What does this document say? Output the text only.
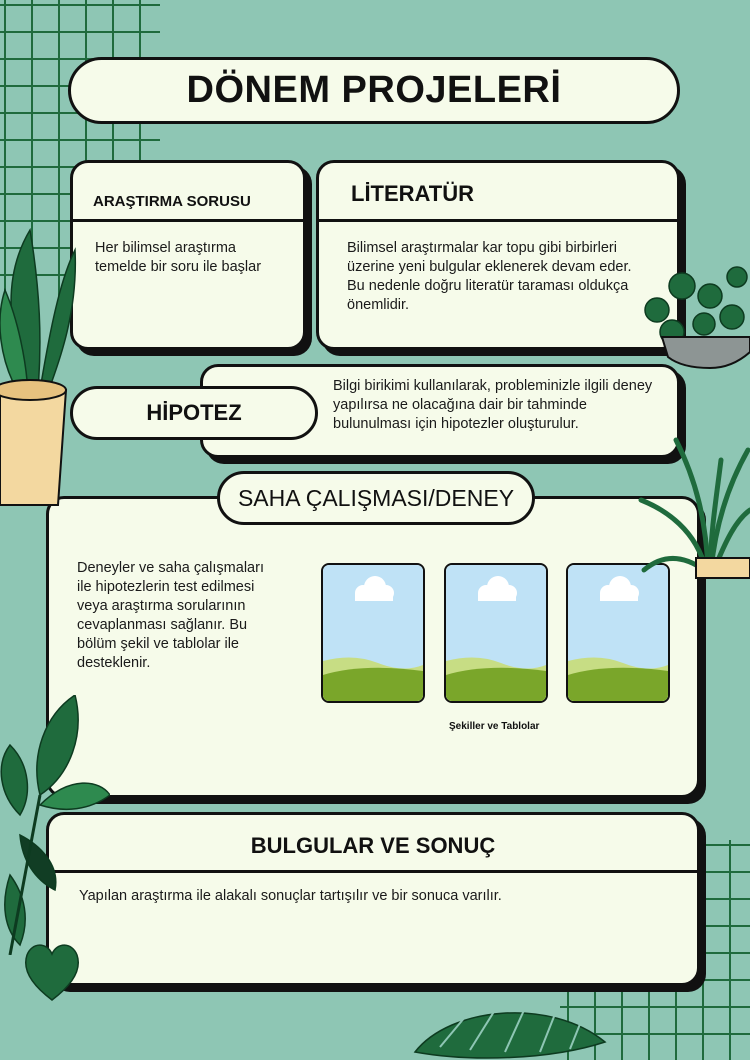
DÖNEM PROJELERİ
ARAŞTIRMA SORUSU
Her bilimsel araştırma temelde bir soru ile başlar
LİTERATÜR
Bilimsel araştırmalar kar topu gibi birbirleri üzerine yeni bulgular eklenerek devam eder. Bu nedenle doğru literatür taraması oldukça önemlidir.
Bilgi birikimi kullanılarak, probleminizle ilgili deney yapılırsa ne olacağına dair bir tahminde bulunulması için hipotezler oluşturulur.
HİPOTEZ
Deneyler ve saha çalışmaları ile hipotezlerin test edilmesi veya araştırma sorularının cevaplanması sağlanır. Bu bölüm şekil ve tablolar ile desteklenir.
Şekiller ve Tablolar
SAHA ÇALIŞMASI/DENEY
BULGULAR VE SONUÇ
Yapılan araştırma ile alakalı sonuçlar tartışılır ve bir sonuca varılır.
